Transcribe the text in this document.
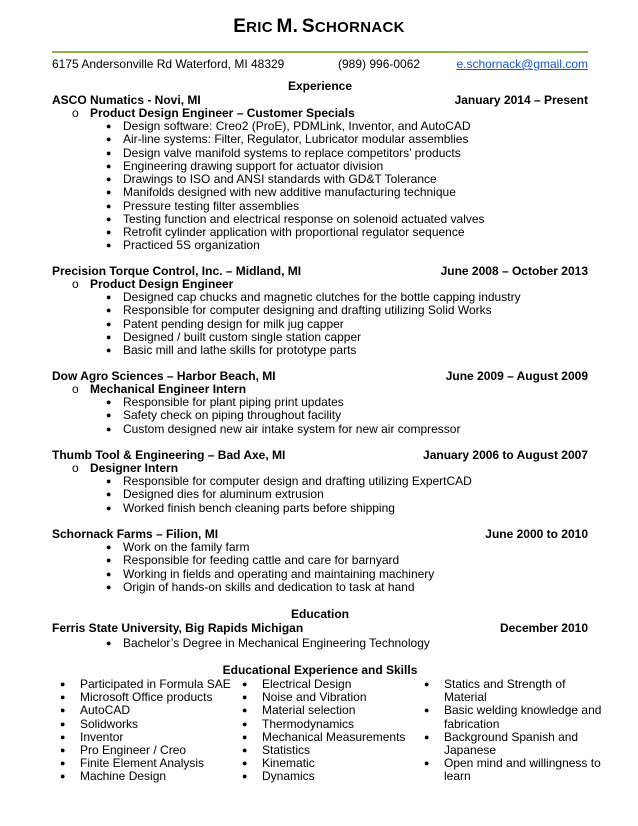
ERIC M. SCHORNACK
6175 Andersonville Rd Waterford, MI 48329	(989) 996-0062	e.schornack@gmail.com
Experience
ASCO Numatics - Novi, MI	January 2014 – Present
o Product Design Engineer – Customer Specials
● Design software: Creo2 (ProE), PDMLink, Inventor, and AutoCAD
● Air-line systems: Filter, Regulator, Lubricator modular assemblies
● Design valve manifold systems to replace competitors’ products
● Engineering drawing support for actuator division
● Drawings to ISO and ANSI standards with GD&T Tolerance
● Manifolds designed with new additive manufacturing technique
● Pressure testing filter assemblies
● Testing function and electrical response on solenoid actuated valves
● Retrofit cylinder application with proportional regulator sequence
● Practiced 5S organization
Precision Torque Control, Inc. – Midland, MI	June 2008 – October 2013
o Product Design Engineer
● Designed cap chucks and magnetic clutches for the bottle capping industry
● Responsible for computer designing and drafting utilizing Solid Works
● Patent pending design for milk jug capper
● Designed / built custom single station capper
● Basic mill and lathe skills for prototype parts
Dow Agro Sciences – Harbor Beach, MI	June 2009 – August 2009
o Mechanical Engineer Intern
● Responsible for plant piping print updates
● Safety check on piping throughout facility
● Custom designed new air intake system for new air compressor
Thumb Tool & Engineering – Bad Axe, MI	January 2006 to August 2007
o Designer Intern
● Responsible for computer design and drafting utilizing ExpertCAD
● Designed dies for aluminum extrusion
● Worked finish bench cleaning parts before shipping
Schornack Farms – Filion, MI	June 2000 to 2010
● Work on the family farm
● Responsible for feeding cattle and care for barnyard
● Working in fields and operating and maintaining machinery
● Origin of hands-on skills and dedication to task at hand
Education
Ferris State University, Big Rapids Michigan	December 2010
● Bachelor’s Degree in Mechanical Engineering Technology
Educational Experience and Skills
● Participated in Formula SAE
● Microsoft Office products
● AutoCAD
● Solidworks
● Inventor
● Pro Engineer / Creo
● Finite Element Analysis
● Machine Design
● Electrical Design
● Noise and Vibration
● Material selection
● Thermodynamics
● Mechanical Measurements
● Statistics
● Kinematic
● Dynamics
●	Statics and Strength of Material
●	Basic welding knowledge and fabrication
●	Background Spanish and Japanese
●	Open mind and willingness to learn
